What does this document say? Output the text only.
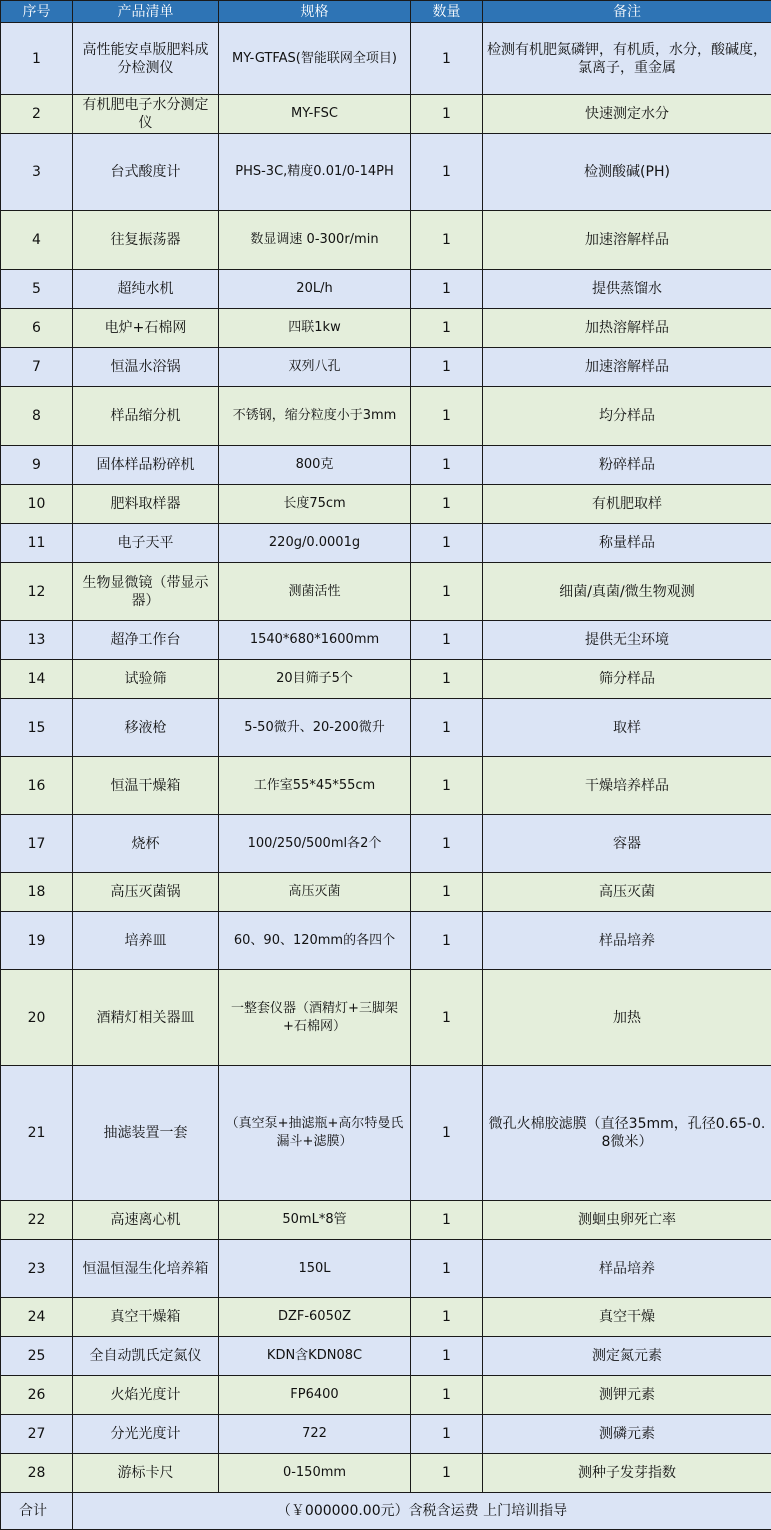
序号	产品清单	规格	数量	备注
1	高性能安卓版肥料成分检测仪	MY-GTFAS(智能联网全项目)	1	检测有机肥氮磷钾，有机质，水分，酸碱度，氯离子，重金属
2	有机肥电子水分测定仪	MY-FSC	1	快速测定水分
3	台式酸度计	PHS-3C,精度0.01/0-14PH	1	检测酸碱(PH)
4	往复振荡器	数显调速 0-300r/min	1	加速溶解样品
5	超纯水机	20L/h	1	提供蒸馏水
6	电炉+石棉网	四联1kw	1	加热溶解样品
7	恒温水浴锅	双列八孔	1	加速溶解样品
8	样品缩分机	不锈钢，缩分粒度小于3mm	1	均分样品
9	固体样品粉碎机	800克	1	粉碎样品
10	肥料取样器	长度75cm	1	有机肥取样
11	电子天平	220g/0.0001g	1	称量样品
12	生物显微镜（带显示器）	测菌活性	1	细菌/真菌/微生物观测
13	超净工作台	1540*680*1600mm	1	提供无尘环境
14	试验筛	20目筛子5个	1	筛分样品
15	移液枪	5-50微升、20-200微升	1	取样
16	恒温干燥箱	工作室55*45*55cm	1	干燥培养样品
17	烧杯	100/250/500ml各2个	1	容器
18	高压灭菌锅	高压灭菌	1	高压灭菌
19	培养皿	60、90、120mm的各四个	1	样品培养
20	酒精灯相关器皿	一整套仪器（酒精灯+三脚架+石棉网）	1	加热
21	抽滤装置一套	（真空泵+抽滤瓶+高尔特曼氏漏斗+滤膜）	1	微孔火棉胶滤膜（直径35mm，孔径0.65-0.8微米）
22	高速离心机	50mL*8管	1	测蛔虫卵死亡率
23	恒温恒湿生化培养箱	150L	1	样品培养
24	真空干燥箱	DZF-6050Z	1	真空干燥
25	全自动凯氏定氮仪	KDN含KDN08C	1	测定氮元素
26	火焰光度计	FP6400	1	测钾元素
27	分光光度计	722	1	测磷元素
28	游标卡尺	0-150mm	1	测种子发芽指数
合计	（￥000000.00元）含税含运费 上门培训指导			
